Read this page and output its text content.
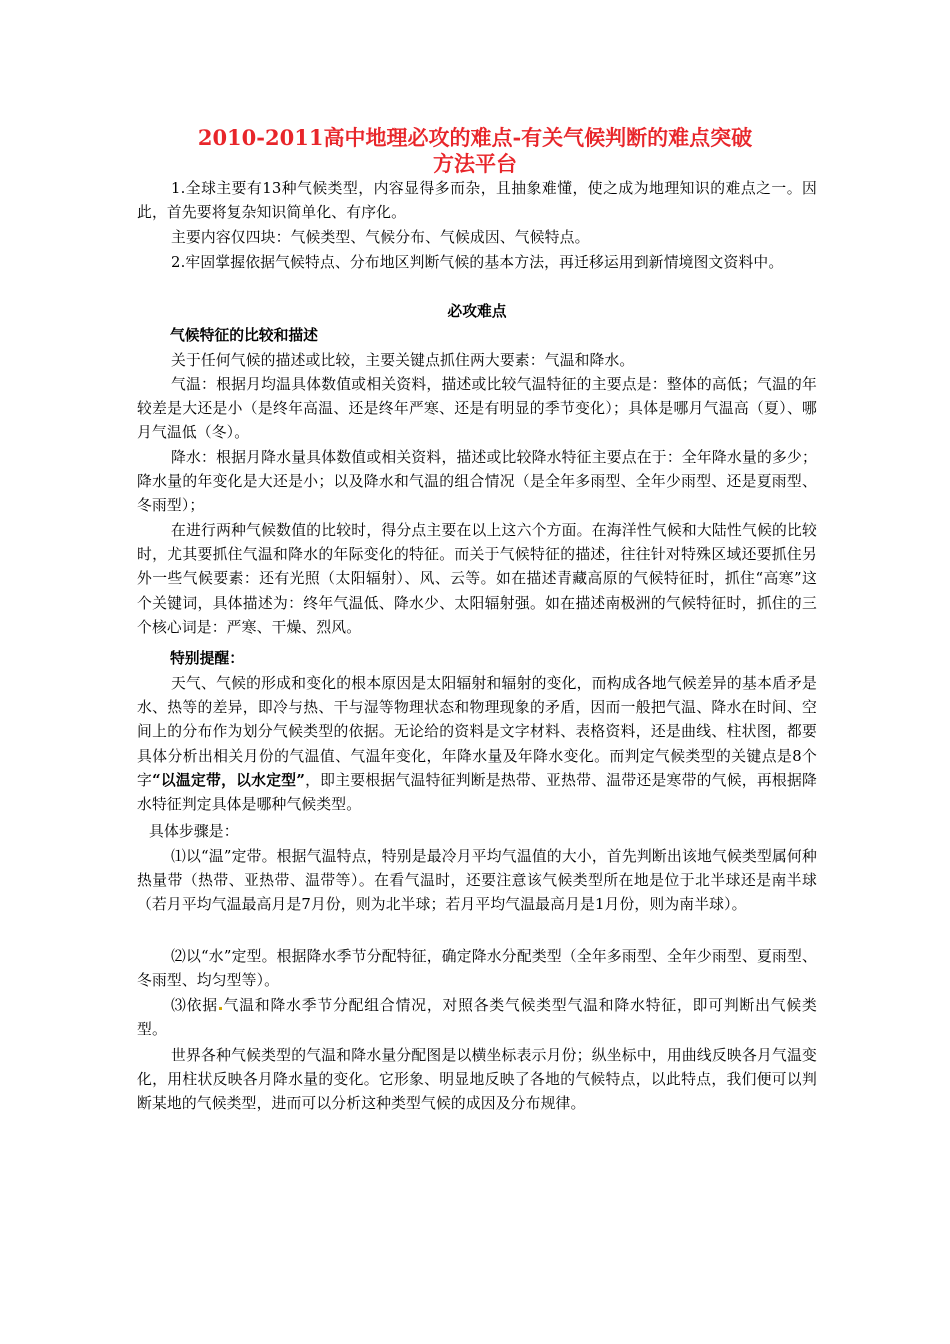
2010-2011高中地理必攻的难点-有关气候判断的难点突破
方法平台

1.全球主要有13种气候类型，内容显得多而杂，且抽象难懂，使之成为地理知识的难点之一。因此，首先要将复杂知识简单化、有序化。

主要内容仅四块：气候类型、气候分布、气候成因、气候特点。

2.牢固掌握依据气候特点、分布地区判断气候的基本方法，再迁移运用到新情境图文资料中。

必攻难点
气候特征的比较和描述

关于任何气候的描述或比较，主要关键点抓住两大要素：气温和降水。

气温：根据月均温具体数值或相关资料，描述或比较气温特征的主要点是：整体的高低；气温的年较差是大还是小（是终年高温、还是终年严寒、还是有明显的季节变化）；具体是哪月气温高（夏）、哪月气温低（冬）。

降水：根据月降水量具体数值或相关资料，描述或比较降水特征主要点在于：全年降水量的多少；降水量的年变化是大还是小；以及降水和气温的组合情况（是全年多雨型、全年少雨型、还是夏雨型、冬雨型）；

在进行两种气候数值的比较时，得分点主要在以上这六个方面。在海洋性气候和大陆性气候的比较时，尤其要抓住气温和降水的年际变化的特征。而关于气候特征的描述，往往针对特殊区域还要抓住另外一些气候要素：还有光照（太阳辐射）、风、云等。如在描述青藏高原的气候特征时，抓住“高寒”这个关键词，具体描述为：终年气温低、降水少、太阳辐射强。如在描述南极洲的气候特征时，抓住的三个核心词是：严寒、干燥、烈风。

特别提醒：

天气、气候的形成和变化的根本原因是太阳辐射和辐射的变化，而构成各地气候差异的基本盾矛是水、热等的差异，即冷与热、干与湿等物理状态和物理现象的矛盾，因而一般把气温、降水在时间、空间上的分布作为划分气候类型的依据。无论给的资料是文字材料、表格资料，还是曲线、柱状图，都要具体分析出相关月份的气温值、气温年变化，年降水量及年降水变化。而判定气候类型的关键点是8个字“以温定带，以水定型”，即主要根据气温特征判断是热带、亚热带、温带还是寒带的气候，再根据降水特征判定具体是哪种气候类型。

具体步骤是：

⑴以“温”定带。根据气温特点，特别是最冷月平均气温值的大小，首先判断出该地气候类型属何种热量带（热带、亚热带、温带等）。在看气温时，还要注意该气候类型所在地是位于北半球还是南半球（若月平均气温最高月是7月份，则为北半球；若月平均气温最高月是1月份，则为南半球）。

⑵以“水”定型。根据降水季节分配特征，确定降水分配类型（全年多雨型、全年少雨型、夏雨型、冬雨型、均匀型等）。

⑶依据 气温和降水季节分配组合情况，对照各类气候类型气温和降水特征，即可判断出气候类型。

世界各种气候类型的气温和降水量分配图是以横坐标表示月份；纵坐标中，用曲线反映各月气温变化，用柱状反映各月降水量的变化。它形象、明显地反映了各地的气候特点，以此特点，我们便可以判断某地的气候类型，进而可以分析这种类型气候的成因及分布规律。
